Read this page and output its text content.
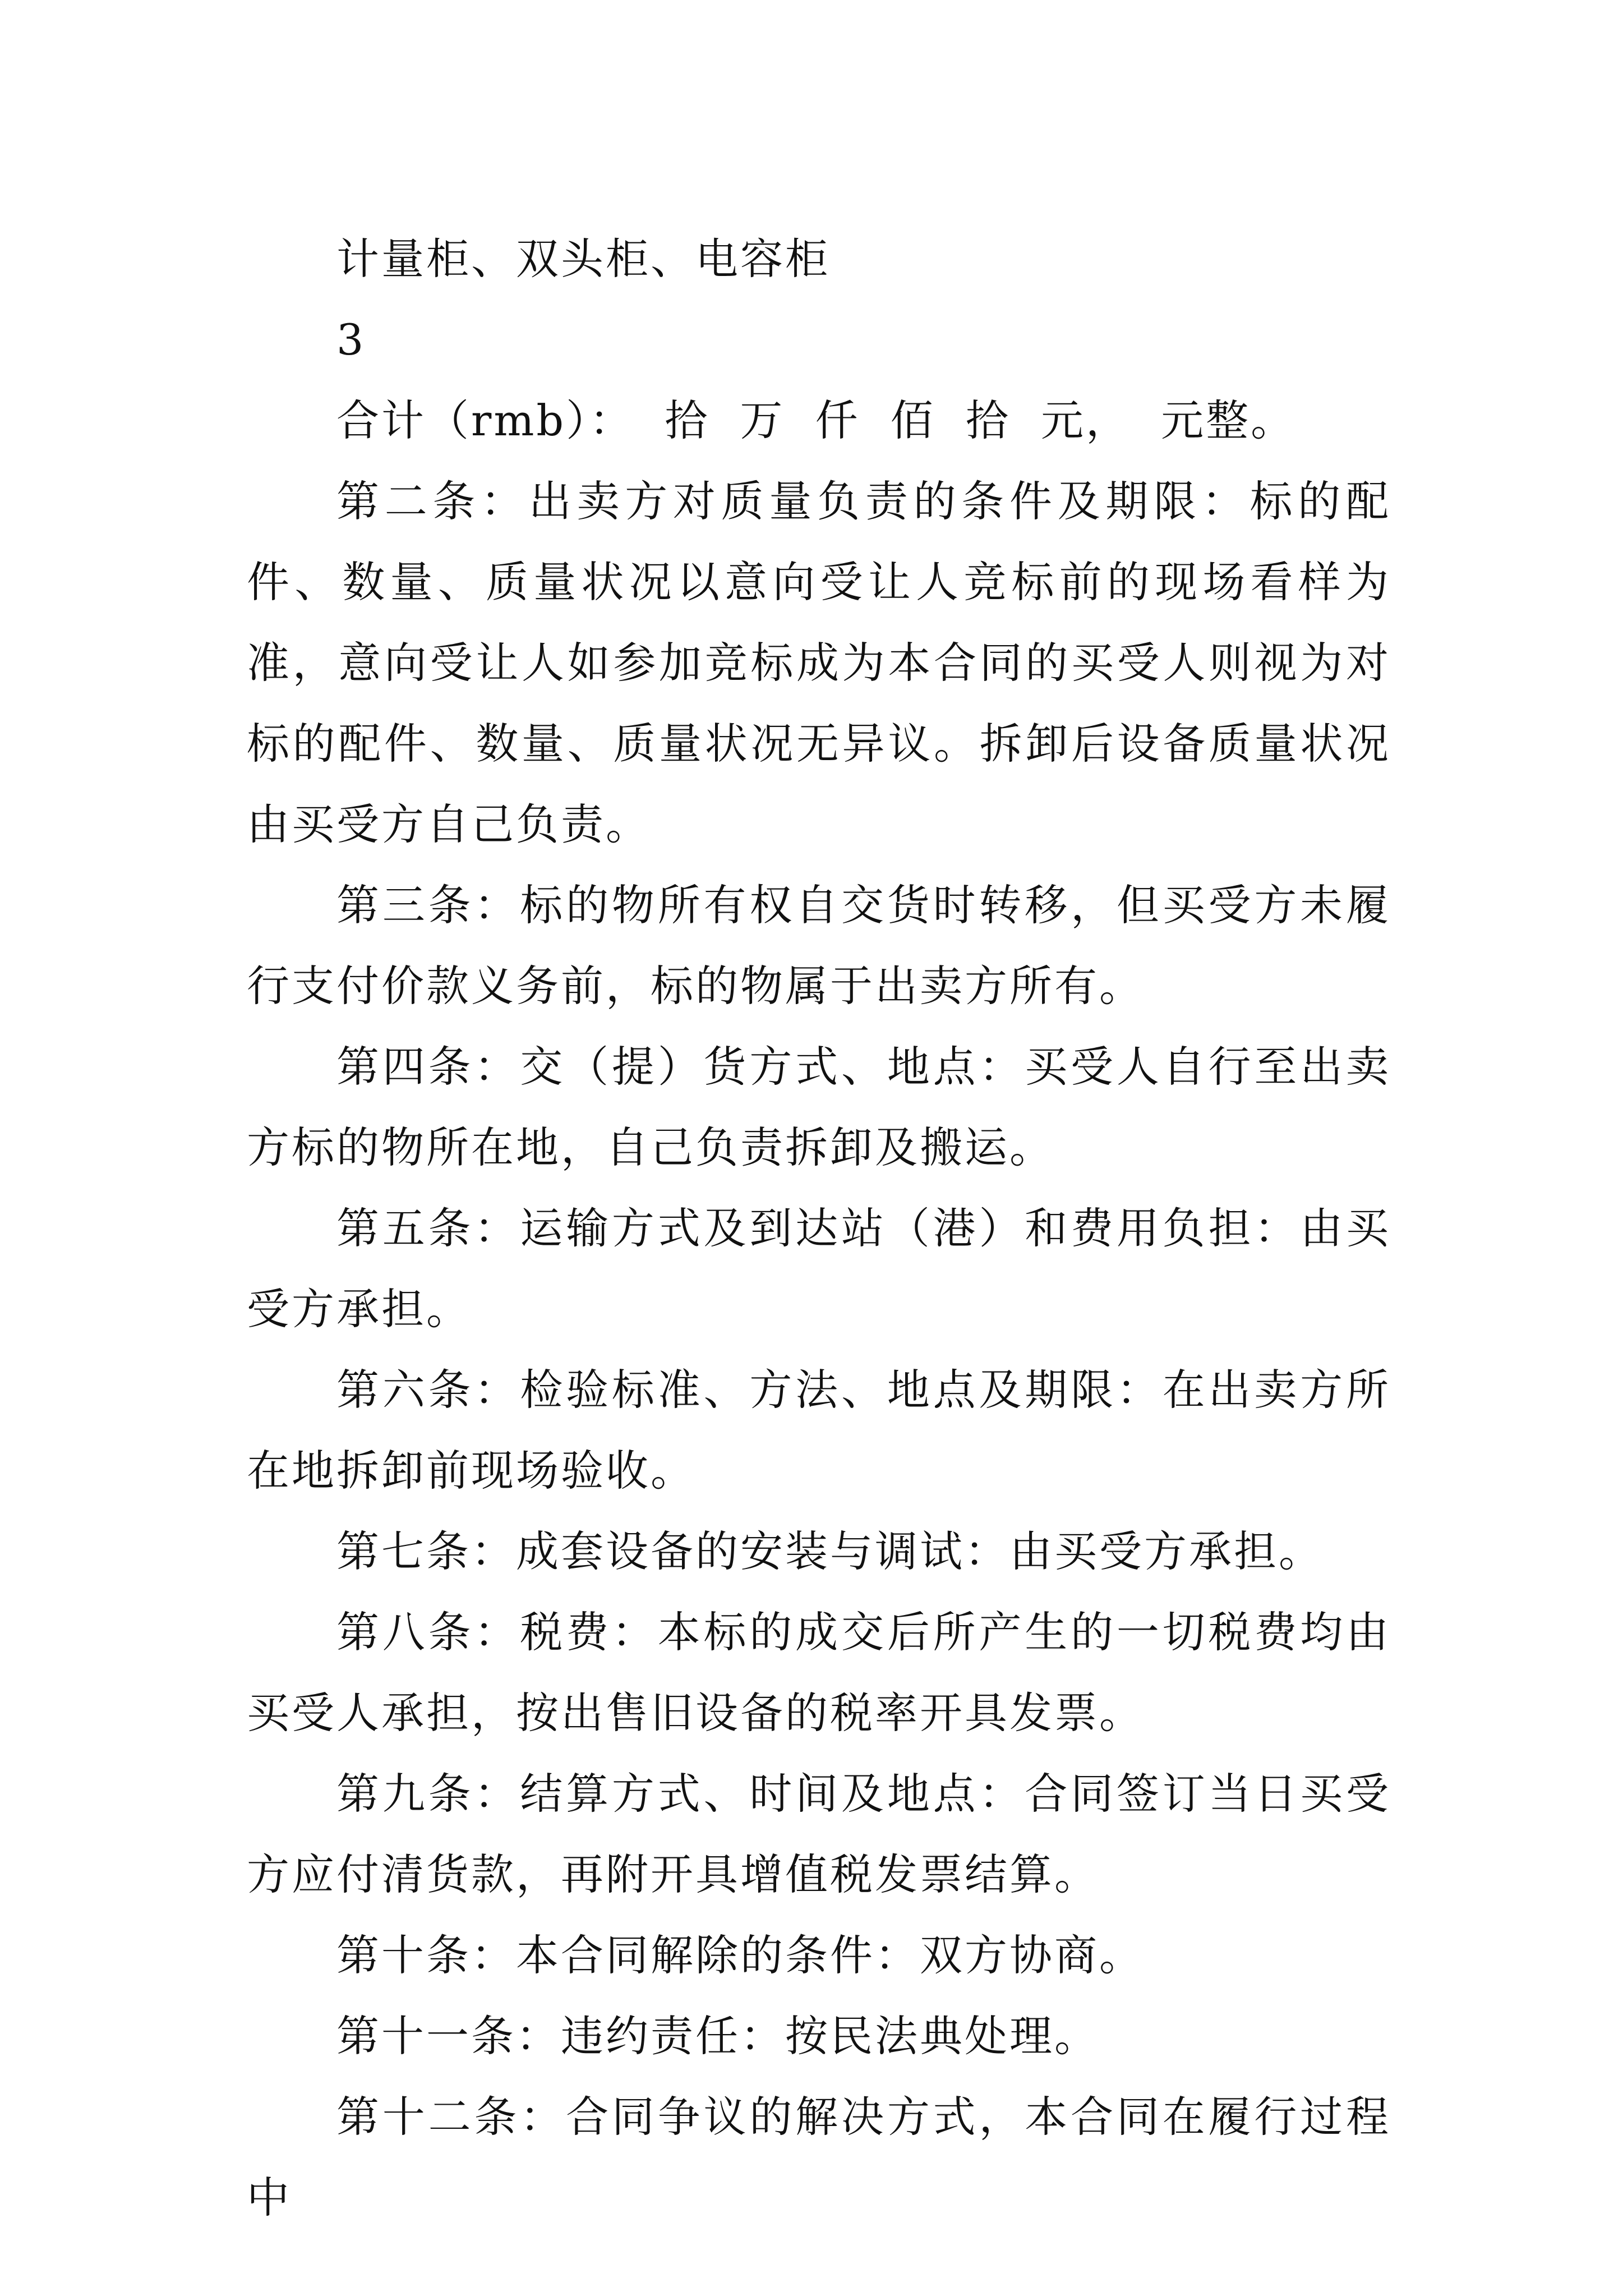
计量柜、双头柜、电容柜
3
合计（rmb）： 拾 万 仟 佰 拾 元， 元整。

第二条：出卖方对质量负责的条件及期限：标的配件、数量、质量状况以意向受让人竞标前的现场看样为准，意向受让人如参加竞标成为本合同的买受人则视为对标的配件、数量、质量状况无异议。拆卸后设备质量状况由买受方自己负责。

第三条：标的物所有权自交货时转移，但买受方未履行支付价款义务前，标的物属于出卖方所有。

第四条：交（提）货方式、地点：买受人自行至出卖方标的物所在地，自己负责拆卸及搬运。

第五条：运输方式及到达站（港）和费用负担：由买受方承担。

第六条：检验标准、方法、地点及期限：在出卖方所在地拆卸前现场验收。

第七条：成套设备的安装与调试：由买受方承担。

第八条：税费：本标的成交后所产生的一切税费均由买受人承担，按出售旧设备的税率开具发票。

第九条：结算方式、时间及地点：合同签订当日买受方应付清货款，再附开具增值税发票结算。

第十条：本合同解除的条件：双方协商。

第十一条：违约责任：按民法典处理。

第十二条：合同争议的解决方式，本合同在履行过程中
